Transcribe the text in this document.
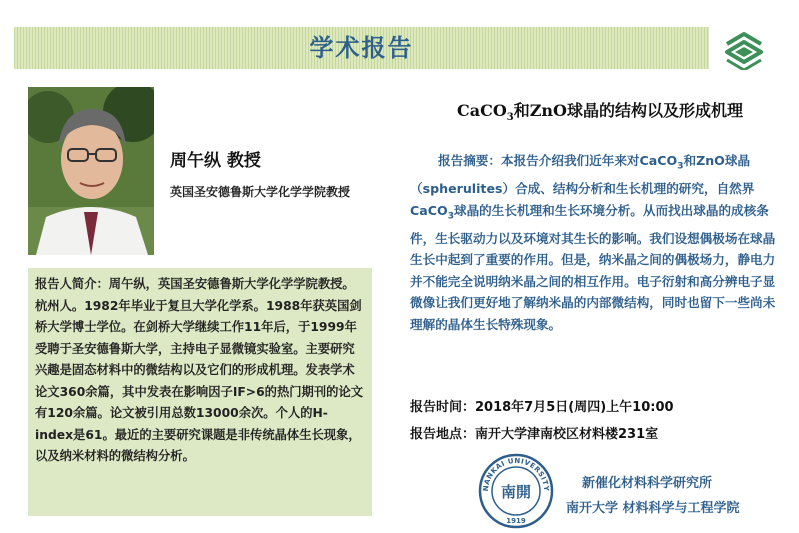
学术报告
周午纵 教授
英国圣安德鲁斯大学化学学院教授
报告人简介：周午纵，英国圣安德鲁斯大学化学学院教授。杭州人。1982年毕业于复旦大学化学系。1988年获英国剑桥大学博士学位。在剑桥大学继续工作11年后，于1999年受聘于圣安德鲁斯大学，主持电子显微镜实验室。主要研究兴趣是固态材料中的微结构以及它们的形成机理。发表学术论文360余篇，其中发表在影响因子IF>6的热门期刊的论文有120余篇。论文被引用总数13000余次。个人的H-index是61。最近的主要研究课题是非传统晶体生长现象，以及纳米材料的微结构分析。
CaCO$_3$和ZnO球晶的结构以及形成机理
报告摘要：本报告介绍我们近年来对CaCO$_3$和ZnO球晶（spherulites）合成、结构分析和生长机理的研究，自然界CaCO$_3$球晶的生长机理和生长环境分析。从而找出球晶的成核条件，生长驱动力以及环境对其生长的影响。我们设想偶极场在球晶生长中起到了重要的作用。但是，纳米晶之间的偶极场力，静电力并不能完全说明纳米晶之间的相互作用。电子衍射和高分辨电子显微像让我们更好地了解纳米晶的内部微结构，同时也留下一些尚未理解的晶体生长特殊现象。
报告时间：2018年7月5日(周四)上午10:00
报告地点：南开大学津南校区材料楼231室
NANKAI UNIVERSITY
南開
1919
新催化材料科学研究所
南开大学 材料科学与工程学院
